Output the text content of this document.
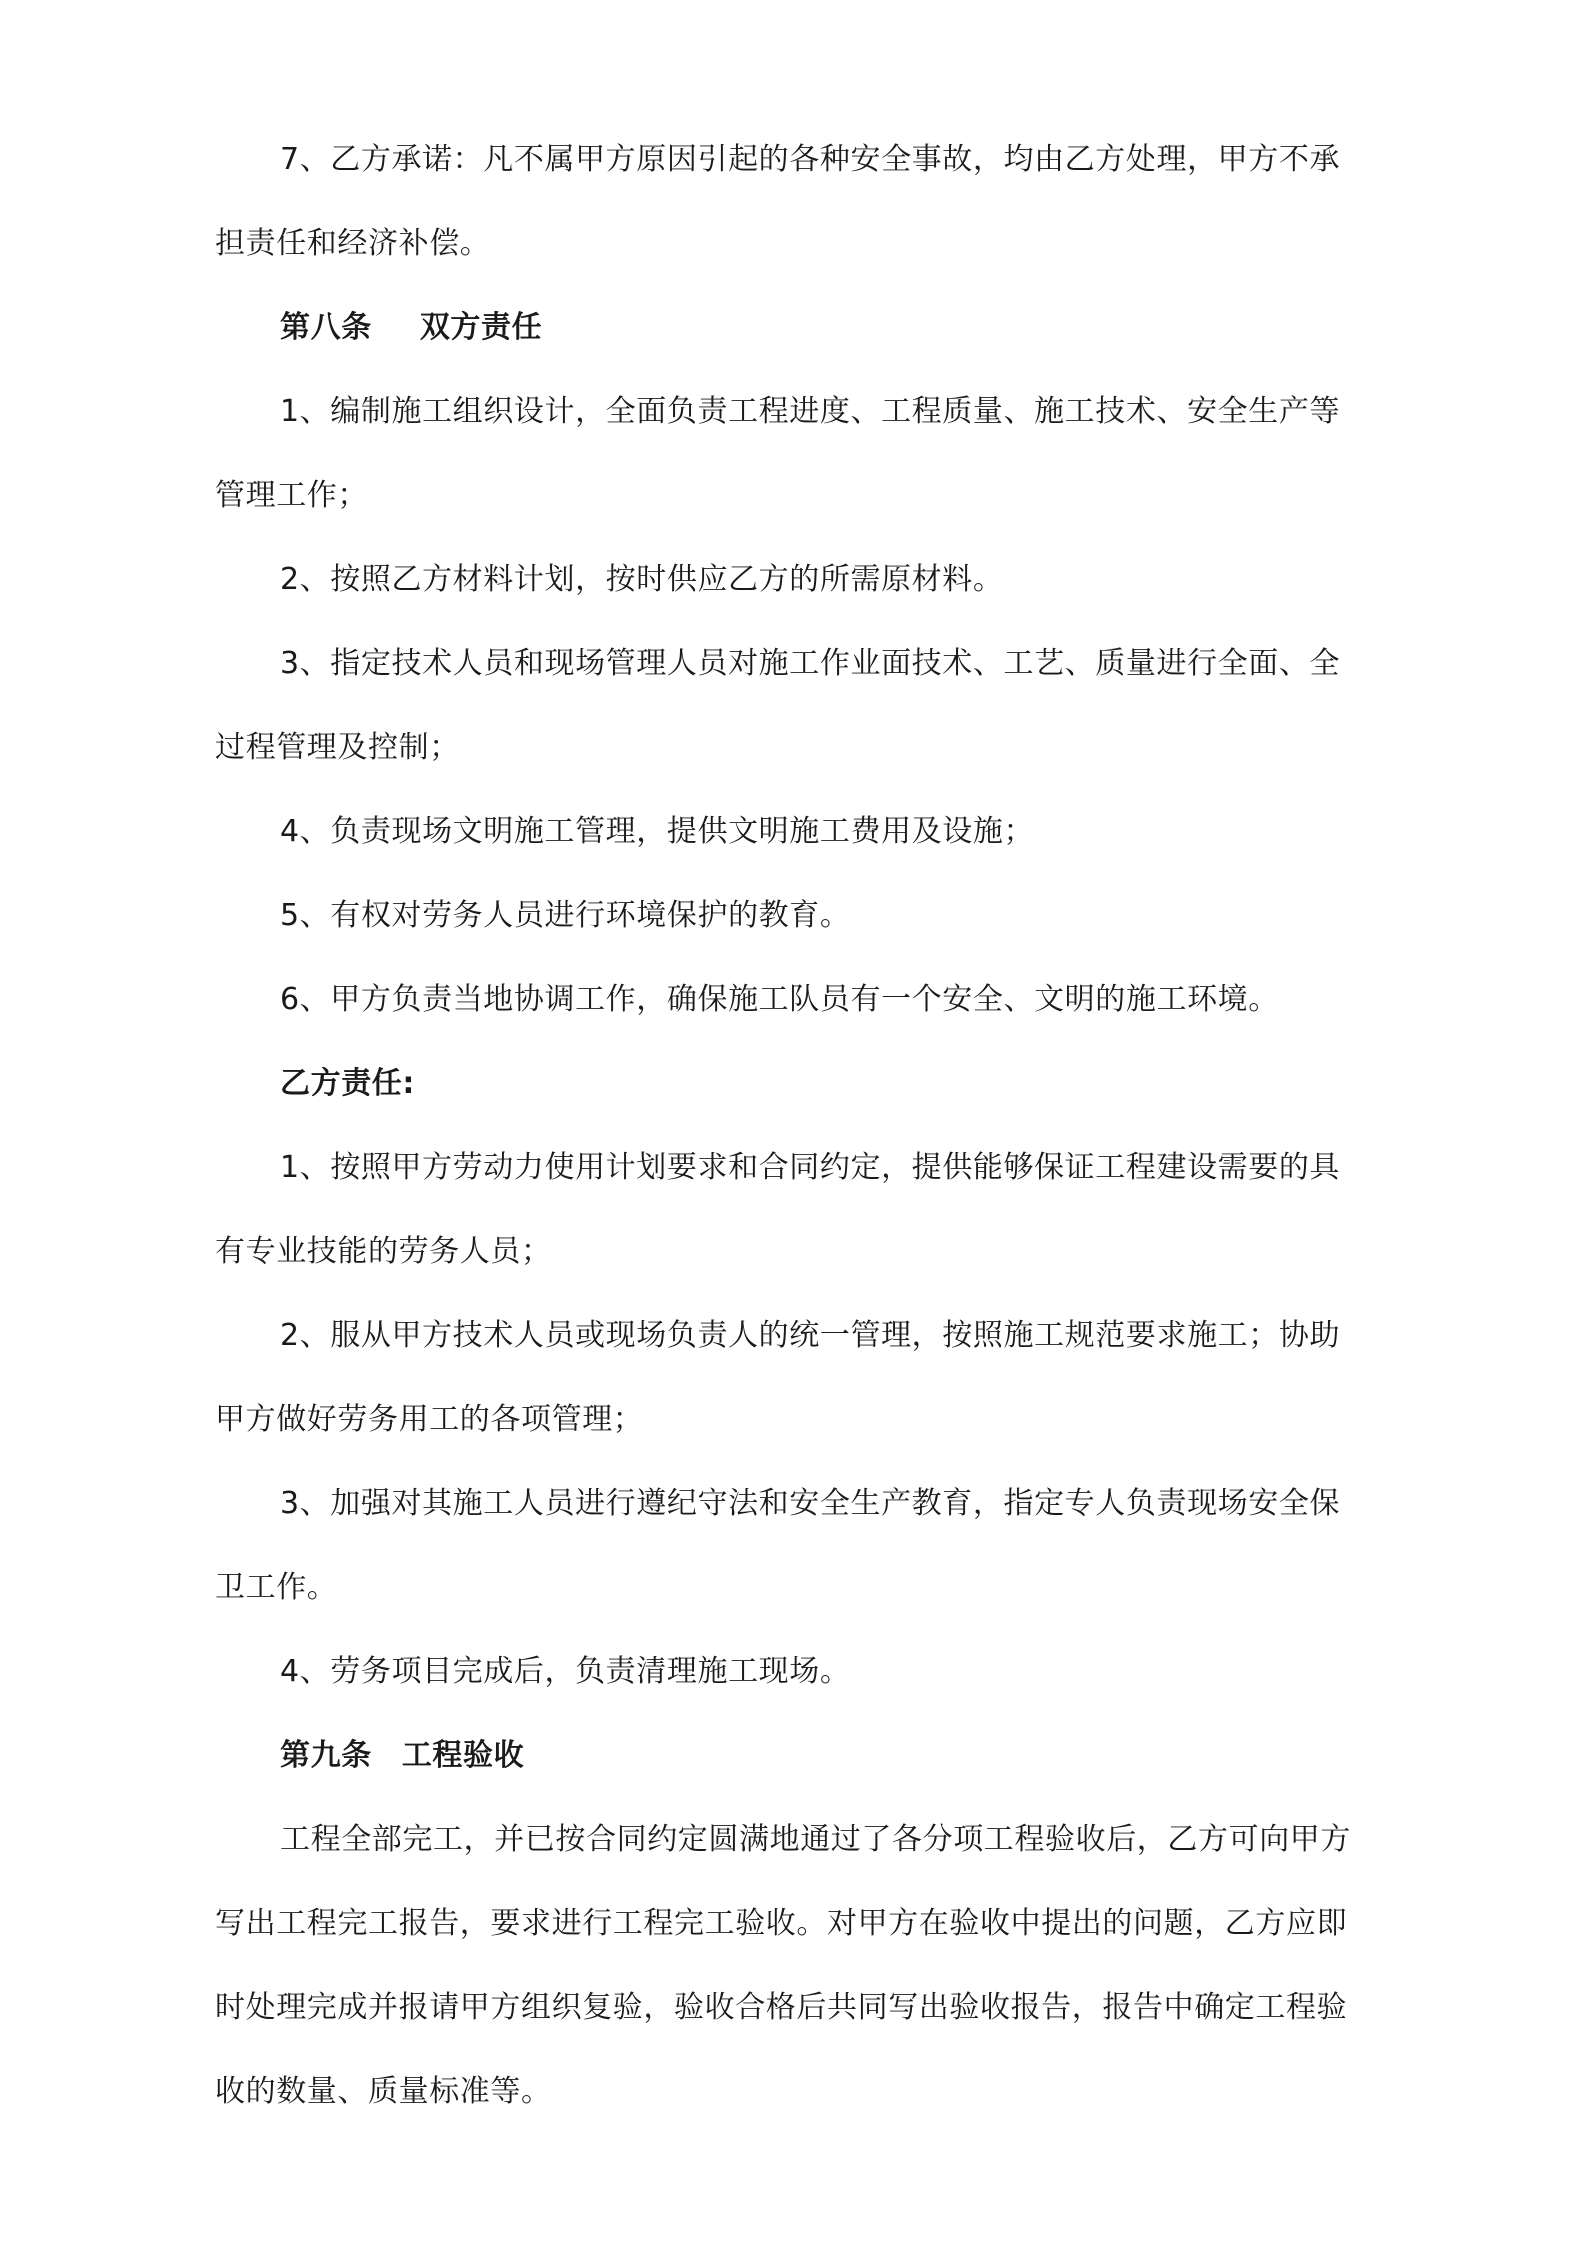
7、乙方承诺：凡不属甲方原因引起的各种安全事故，均由乙方处理，甲方不承
担责任和经济补偿。
第八条 双方责任
1、编制施工组织设计，全面负责工程进度、工程质量、施工技术、安全生产等
管理工作；
2、按照乙方材料计划，按时供应乙方的所需原材料。
3、指定技术人员和现场管理人员对施工作业面技术、工艺、质量进行全面、全
过程管理及控制；
4、负责现场文明施工管理，提供文明施工费用及设施；
5、有权对劳务人员进行环境保护的教育。
6、甲方负责当地协调工作，确保施工队员有一个安全、文明的施工环境。
乙方责任:
1、按照甲方劳动力使用计划要求和合同约定，提供能够保证工程建设需要的具
有专业技能的劳务人员；
2、服从甲方技术人员或现场负责人的统一管理，按照施工规范要求施工；协助
甲方做好劳务用工的各项管理；
3、加强对其施工人员进行遵纪守法和安全生产教育，指定专人负责现场安全保
卫工作。
4、劳务项目完成后，负责清理施工现场。
第九条 工程验收
工程全部完工，并已按合同约定圆满地通过了各分项工程验收后，乙方可向甲方
写出工程完工报告，要求进行工程完工验收。对甲方在验收中提出的问题，乙方应即
时处理完成并报请甲方组织复验，验收合格后共同写出验收报告，报告中确定工程验
收的数量、质量标准等。
